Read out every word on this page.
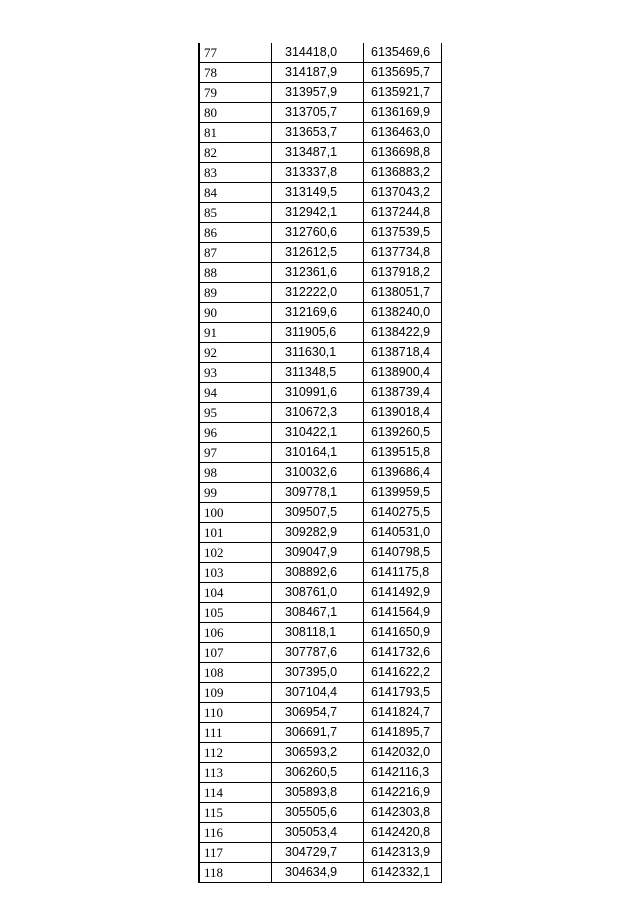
77	314418,0	6135469,6
78	314187,9	6135695,7
79	313957,9	6135921,7
80	313705,7	6136169,9
81	313653,7	6136463,0
82	313487,1	6136698,8
83	313337,8	6136883,2
84	313149,5	6137043,2
85	312942,1	6137244,8
86	312760,6	6137539,5
87	312612,5	6137734,8
88	312361,6	6137918,2
89	312222,0	6138051,7
90	312169,6	6138240,0
91	311905,6	6138422,9
92	311630,1	6138718,4
93	311348,5	6138900,4
94	310991,6	6138739,4
95	310672,3	6139018,4
96	310422,1	6139260,5
97	310164,1	6139515,8
98	310032,6	6139686,4
99	309778,1	6139959,5
100	309507,5	6140275,5
101	309282,9	6140531,0
102	309047,9	6140798,5
103	308892,6	6141175,8
104	308761,0	6141492,9
105	308467,1	6141564,9
106	308118,1	6141650,9
107	307787,6	6141732,6
108	307395,0	6141622,2
109	307104,4	6141793,5
110	306954,7	6141824,7
111	306691,7	6141895,7
112	306593,2	6142032,0
113	306260,5	6142116,3
114	305893,8	6142216,9
115	305505,6	6142303,8
116	305053,4	6142420,8
117	304729,7	6142313,9
118	304634,9	6142332,1
